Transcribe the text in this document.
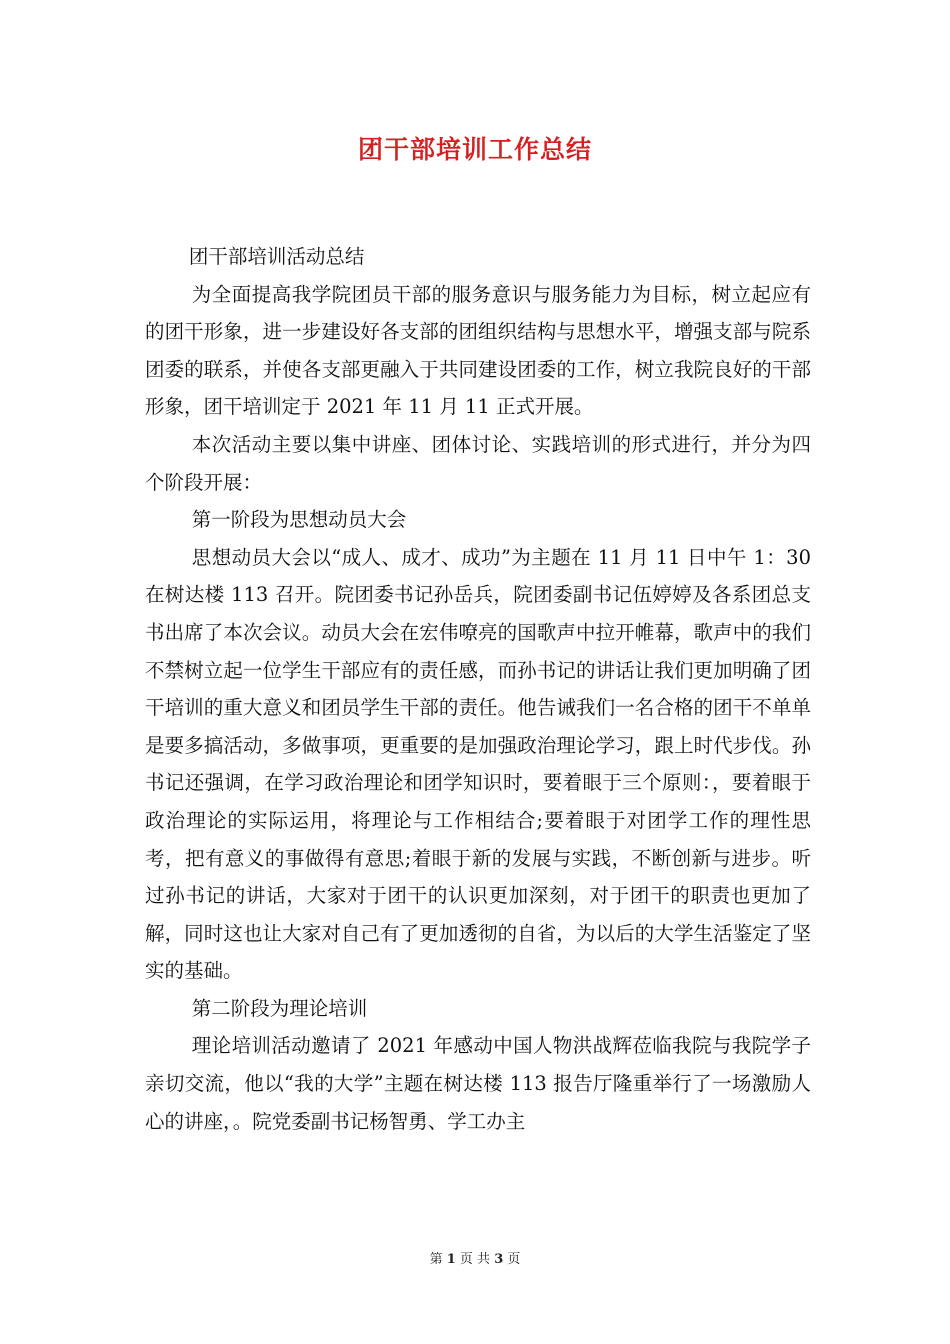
团干部培训工作总结

团干部培训活动总结

为全面提高我学院团员干部的服务意识与服务能力为目标，树立起应有的团干形象，进一步建设好各支部的团组织结构与思想水平，增强支部与院系团委的联系，并使各支部更融入于共同建设团委的工作，树立我院良好的干部形象，团干培训定于 2021 年 11 月 11 正式开展。

本次活动主要以集中讲座、团体讨论、实践培训的形式进行，并分为四个阶段开展：

第一阶段为思想动员大会

思想动员大会以“成人、成才、成功”为主题在 11 月 11 日中午 1：30 在树达楼 113 召开。院团委书记孙岳兵，院团委副书记伍婷婷及各系团总支书出席了本次会议。动员大会在宏伟嘹亮的国歌声中拉开帷幕，歌声中的我们不禁树立起一位学生干部应有的责任感，而孙书记的讲话让我们更加明确了团干培训的重大意义和团员学生干部的责任。他告诫我们一名合格的团干不单单是要多搞活动，多做事项，更重要的是加强政治理论学习，跟上时代步伐。孙书记还强调，在学习政治理论和团学知识时，要着眼于三个原则：，要着眼于政治理论的实际运用，将理论与工作相结合;要着眼于对团学工作的理性思考，把有意义的事做得有意思;着眼于新的发展与实践，不断创新与进步。听过孙书记的讲话，大家对于团干的认识更加深刻，对于团干的职责也更加了解，同时这也让大家对自己有了更加透彻的自省，为以后的大学生活鉴定了坚实的基础。

第二阶段为理论培训

理论培训活动邀请了 2021 年感动中国人物洪战辉莅临我院与我院学子亲切交流，他以“我的大学”主题在树达楼 113 报告厅隆重举行了一场激励人心的讲座，。院党委副书记杨智勇、学工办主

第 1 页 共 3 页
